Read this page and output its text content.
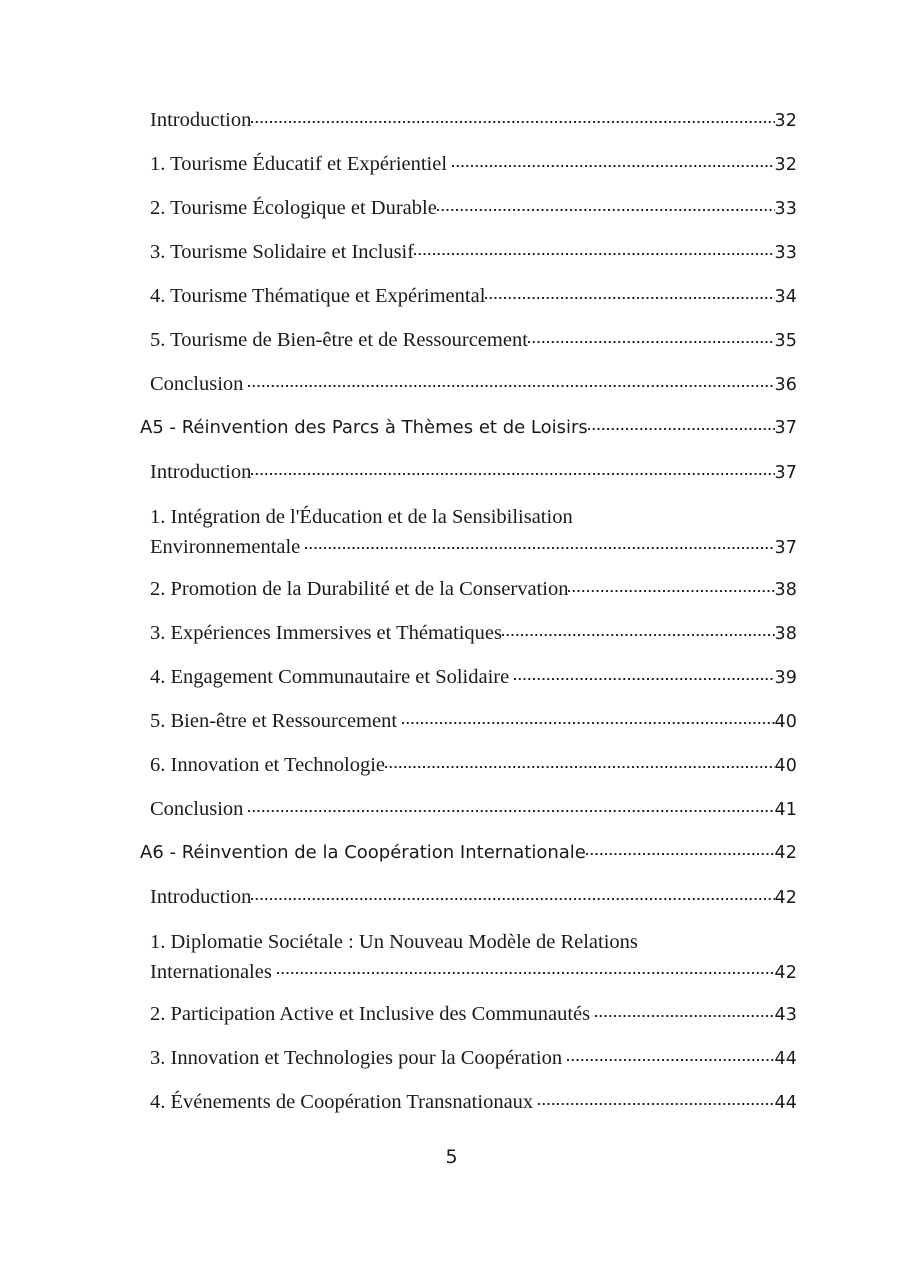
Introduction	32
1. Tourisme Éducatif et Expérientiel	32
2. Tourisme Écologique et Durable	33
3. Tourisme Solidaire et Inclusif	33
4. Tourisme Thématique et Expérimental	34
5. Tourisme de Bien-être et de Ressourcement	35
Conclusion	36
A5 - Réinvention des Parcs à Thèmes et de Loisirs	37
Introduction	37
1. Intégration de l'Éducation et de la Sensibilisation
Environnementale	37
2. Promotion de la Durabilité et de la Conservation	38
3. Expériences Immersives et Thématiques	38
4. Engagement Communautaire et Solidaire	39
5. Bien-être et Ressourcement	40
6. Innovation et Technologie	40
Conclusion	41
A6 - Réinvention de la Coopération Internationale	42
Introduction	42
1. Diplomatie Sociétale : Un Nouveau Modèle de Relations
Internationales	42
2. Participation Active et Inclusive des Communautés	43
3. Innovation et Technologies pour la Coopération	44
4. Événements de Coopération Transnationaux	44
5
